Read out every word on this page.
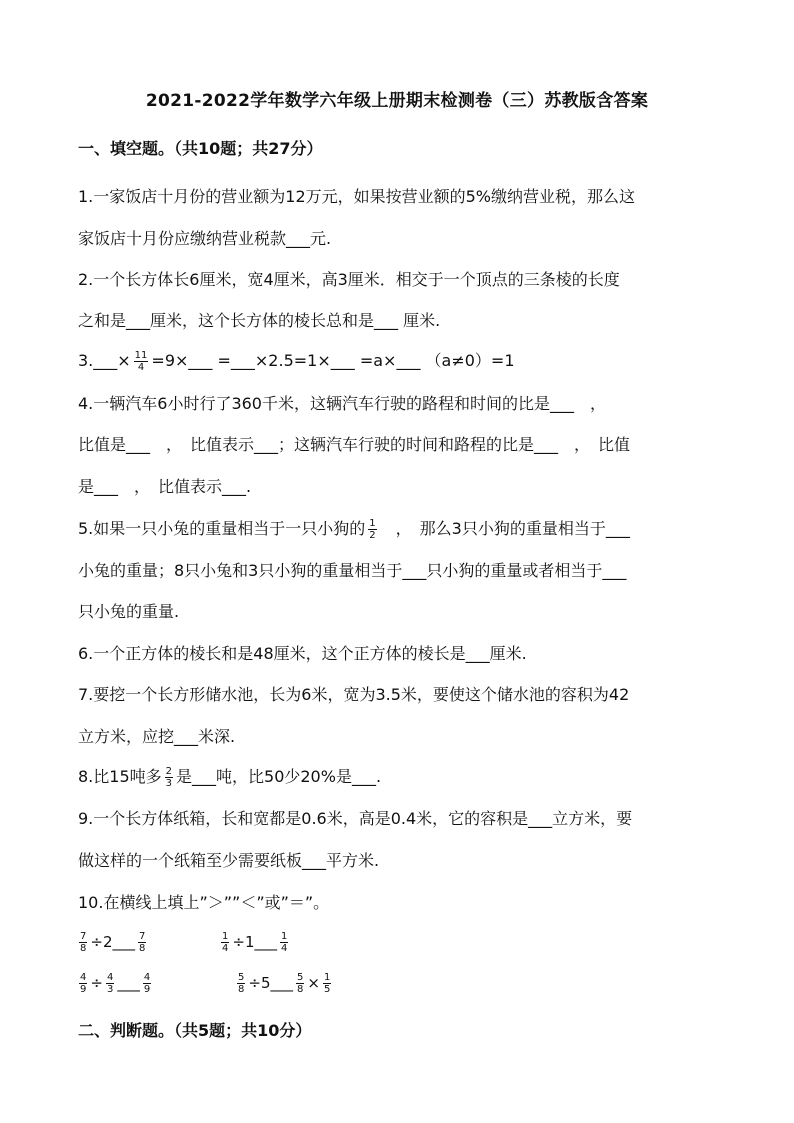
2021-2022学年数学六年级上册期末检测卷（三）苏教版含答案
一、填空题。（共10题；共27分）
1.一家饭店十月份的营业额为12万元，如果按营业额的5%缴纳营业税，那么这
家饭店十月份应缴纳营业税款___元.
2.一个长方体长6厘米，宽4厘米，高3厘米．相交于一个顶点的三条棱的长度
之和是___厘米，这个长方体的棱长总和是___ 厘米.
3.___× $\frac{11}{4}$ =9×___ =___×2.5=1×___ =a×___ （a≠0）=1
4.一辆汽车6小时行了360千米，这辆汽车行驶的路程和时间的比是___　，
比值是___　，　比值表示___；这辆汽车行驶的时间和路程的比是___　，　比值
是___　，　比值表示___.
5.如果一只小兔的重量相当于一只小狗的 $\frac{1}{2}$ 　，　那么3只小狗的重量相当于___
小兔的重量；8只小兔和3只小狗的重量相当于___只小狗的重量或者相当于___
只小兔的重量.
6.一个正方体的棱长和是48厘米，这个正方体的棱长是___厘米.
7.要挖一个长方形储水池，长为6米，宽为3.5米，要使这个储水池的容积为42
立方米，应挖___米深.
8.比15吨多 $\frac{2}{3}$ 是___吨，比50少20%是___.
9.一个长方体纸箱，长和宽都是0.6米，高是0.4米，它的容积是___立方米，要
做这样的一个纸箱至少需要纸板___平方米.
10.在横线上填上”＞””＜”或”＝”。
$\frac{7}{8}$ ÷2___ $\frac{7}{8}$	$\frac{1}{4}$ ÷1___ $\frac{1}{4}$
$\frac{4}{9} \div \frac{4}{3}$ ___ $\frac{4}{9}$	$\frac{5}{8}$ ÷5___ $\frac{5}{8} \times \frac{1}{5}$
二、判断题。（共5题；共10分）
